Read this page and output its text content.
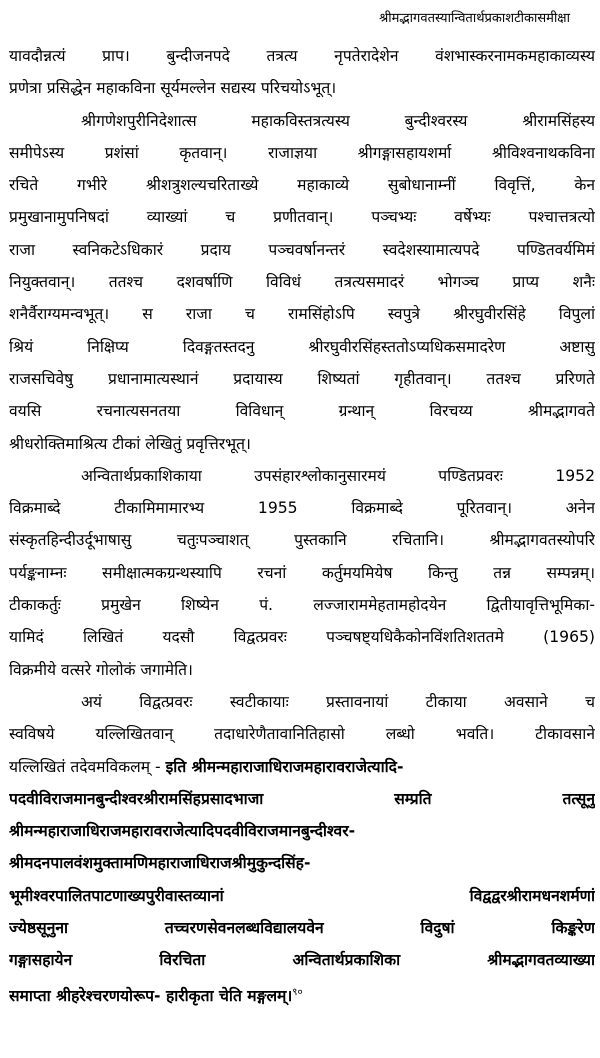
श्रीमद्भागवतस्यान्वितार्थप्रकाशटीकासमीक्षा
यावदौन्नत्यं प्राप। बुन्दीजनपदे तत्रत्य नृपतेरादेशेन वंशभास्करनामकमहाकाव्यस्य
प्रणेत्रा प्रसिद्धेन महाकविना सूर्यमल्लेन सद्यस्य परिचयोऽभूत्।
श्रीगणेशपुरीनिदेशात्स महाकविस्तत्रत्यस्य बुन्दीश्वरस्य श्रीरामसिंहस्य
समीपेऽस्य प्रशंसां कृतवान्। राजाज्ञया श्रीगङ्गासहायशर्मा श्रीविश्वनाथकविना
रचिते गभीरे श्रीशत्रुशल्यचरिताख्ये महाकाव्ये सुबोधानाम्नीं विवृत्तिं, केन
प्रमुखानामुपनिषदां व्याख्यां च प्रणीतवान्। पञ्चभ्यः वर्षेभ्यः पश्चात्तत्रत्यो
राजा स्वनिकटेऽधिकारं प्रदाय पञ्चवर्षानन्तरं स्वदेशस्यामात्यपदे पण्डितवर्यमिमं
नियुक्तवान्। ततश्च दशवर्षाणि विविधं तत्रत्यसमादरं भोगञ्च प्राप्य शनैः
शनैर्वैराग्यमन्वभूत्। स राजा च रामसिंहोऽपि स्वपुत्रे श्रीरघुवीरसिंहे विपुलां
श्रियं निक्षिप्य दिवङ्गतस्तदनु श्रीरघुवीरसिंहस्ततोऽप्यधिकसमादरेण अष्टासु
राजसचिवेषु प्रधानामात्यस्थानं प्रदायास्य शिष्यतां गृहीतवान्। ततश्च प्ररिणते
वयसि रचनात्यसनतया विविधान् ग्रन्थान् विरचय्य श्रीमद्भागवते
श्रीधरोक्तिमाश्रित्य टीकां लेखितुं प्रवृत्तिरभूत्।
अन्वितार्थप्रकाशिकाया उपसंहारश्लोकानुसारमयं पण्डितप्रवरः 1952
विक्रमाब्दे टीकामिमामारभ्य 1955 विक्रमाब्दे पूरितवान्। अनेन
संस्कृतहिन्दीउर्दूभाषासु चतुःपञ्चाशत् पुस्तकानि रचितानि। श्रीमद्भागवतस्योपरि
पर्यङ्कनाम्नः समीक्षात्मकग्रन्थस्यापि रचनां कर्तुमयमियेष किन्तु तन्न सम्पन्नम्।
टीकाकर्तुः प्रमुखेन शिष्येन पं. लज्जाराममेहतामहोदयेन द्वितीयावृत्तिभूमिका-
यामिदं लिखितं यदसौ विद्वत्प्रवरः पञ्चषष्ट्यधिकैकोनविंशतिशततमे (1965)
विक्रमीये वत्सरे गोलोकं जगामेति।
अयं विद्वत्प्रवरः स्वटीकायाः प्रस्तावनायां टीकाया अवसाने च
स्वविषये यल्लिखितवान् तदाधारेणैतावानितिहासो लब्धो भवति। टीकावसाने
यल्लिखितं तदेवमविकलम् - इति श्रीमन्महाराजाधिराजमहारावराजेत्यादि-
पदवीविराजमानबुन्दीश्वरश्रीरामसिंहप्रसादभाजा सम्प्रति तत्सूनु
श्रीमन्महाराजाधिराजमहारावराजेत्यादिपदवीविराजमानबुन्दीश्वर-
श्रीमदनपालवंशमुक्तामणिमहाराजाधिराजश्रीमुकुन्दसिंह-
भूमीश्वरपालितपाटणाख्यपुरीवास्तव्यानां विद्वद्वरश्रीरामधनशर्मणां
ज्येष्ठसूनुना तच्चरणसेवनलब्धविद्यालयवेन विदुषां किङ्करेण
गङ्गासहायेन विरचिता अन्वितार्थप्रकाशिका श्रीमद्भागवतव्याख्या
समाप्ता श्रीहरेश्चरणयोरूप- हारीकृता चेति मङ्गलम्।$^{९०}$
